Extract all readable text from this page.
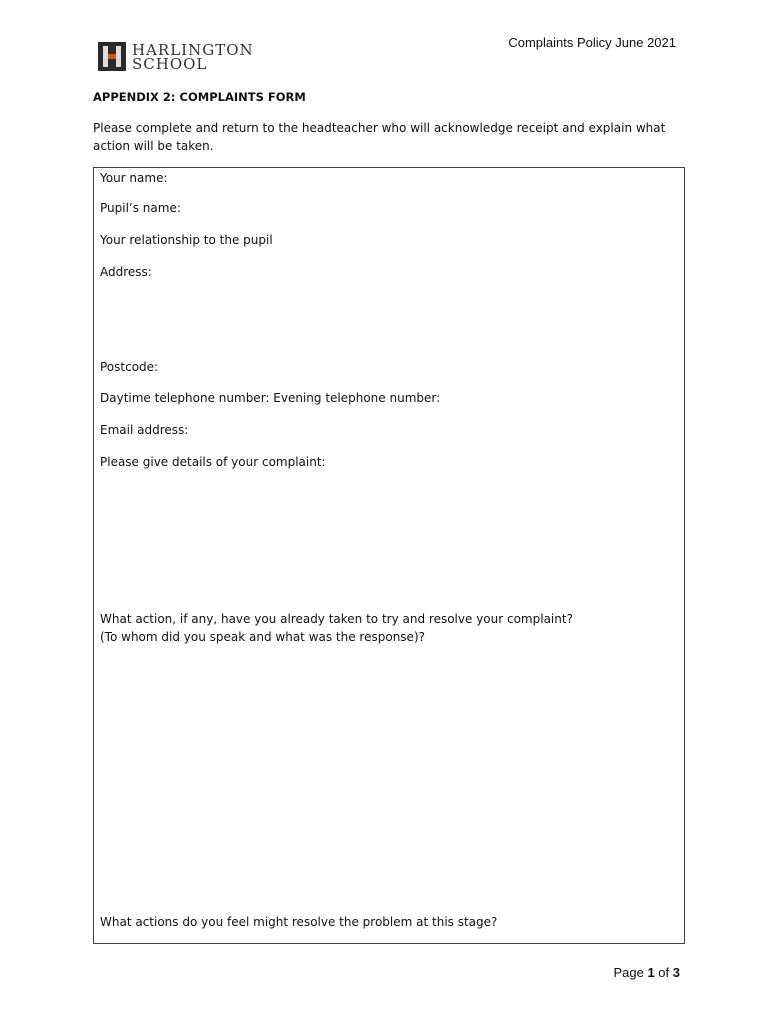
Complaints Policy June 2021
HARLINGTON
SCHOOL
APPENDIX 2: COMPLAINTS FORM
Please complete and return to the headteacher who will acknowledge receipt and explain what action will be taken.
Your name:
Pupil’s name:
Your relationship to the pupil
Address:
Postcode:
Daytime telephone number: Evening telephone number:
Email address:
Please give details of your complaint:
What action, if any, have you already taken to try and resolve your complaint?
(To whom did you speak and what was the response)?
What actions do you feel might resolve the problem at this stage?
Page 1 of 3
